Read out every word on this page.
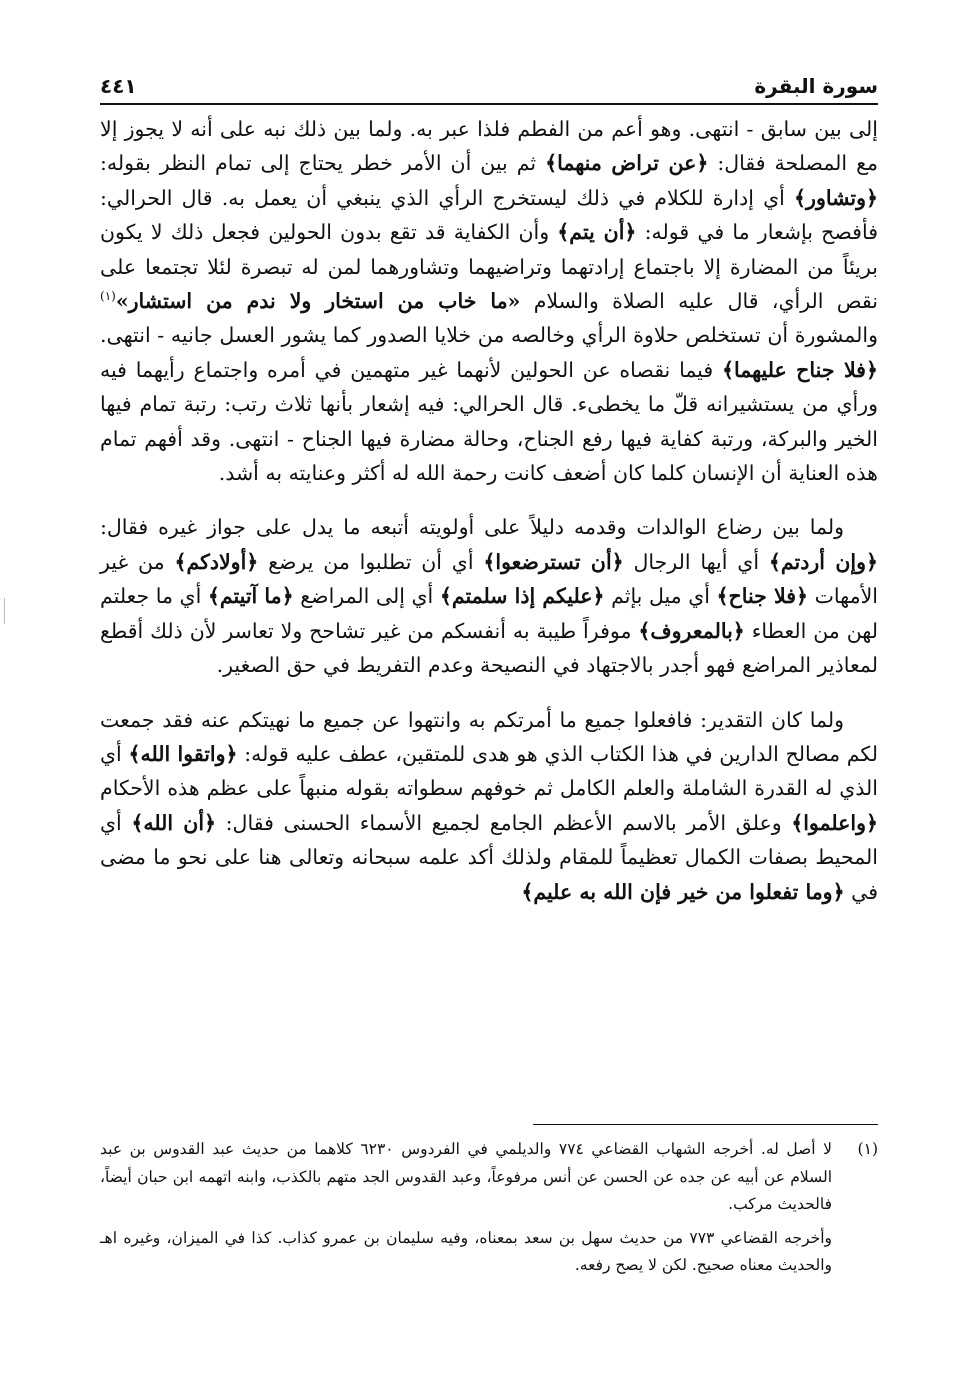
سورة البقرة
٤٤١

إلى بين سابق - انتهى. وهو أعم من الفطم فلذا عبر به. ولما بين ذلك نبه على أنه لا يجوز إلا مع المصلحة فقال: ﴿عن تراض منهما﴾ ثم بين أن الأمر خطر يحتاج إلى تمام النظر بقوله: ﴿وتشاور﴾ أي إدارة للكلام في ذلك ليستخرج الرأي الذي ينبغي أن يعمل به. قال الحرالي: فأفصح بإشعار ما في قوله: ﴿أن يتم﴾ وأن الكفاية قد تقع بدون الحولين فجعل ذلك لا يكون بريئاً من المضارة إلا باجتماع إرادتهما وتراضيهما وتشاورهما لمن له تبصرة لئلا تجتمعا على نقص الرأي، قال عليه الصلاة والسلام «ما خاب من استخار ولا ندم من استشار»$^{(١)}$ والمشورة أن تستخلص حلاوة الرأي وخالصه من خلايا الصدور كما يشور العسل جانيه - انتهى. ﴿فلا جناح عليهما﴾ فيما نقصاه عن الحولين لأنهما غير متهمين في أمره واجتماع رأيهما فيه ورأي من يستشيرانه قلّ ما يخطىء. قال الحرالي: فيه إشعار بأنها ثلاث رتب: رتبة تمام فيها الخير والبركة، ورتبة كفاية فيها رفع الجناح، وحالة مضارة فيها الجناح - انتهى. وقد أفهم تمام هذه العناية أن الإنسان كلما كان أضعف كانت رحمة الله له أكثر وعنايته به أشد.

ولما بين رضاع الوالدات وقدمه دليلاً على أولويته أتبعه ما يدل على جواز غيره فقال: ﴿وإن أردتم﴾ أي أيها الرجال ﴿أن تسترضعوا﴾ أي أن تطلبوا من يرضع ﴿أولادكم﴾ من غير الأمهات ﴿فلا جناح﴾ أي ميل بإثم ﴿عليكم إذا سلمتم﴾ أي إلى المراضع ﴿ما آتيتم﴾ أي ما جعلتم لهن من العطاء ﴿بالمعروف﴾ موفراً طيبة به أنفسكم من غير تشاحح ولا تعاسر لأن ذلك أقطع لمعاذير المراضع فهو أجدر بالاجتهاد في النصيحة وعدم التفريط في حق الصغير.

ولما كان التقدير: فافعلوا جميع ما أمرتكم به وانتهوا عن جميع ما نهيتكم عنه فقد جمعت لكم مصالح الدارين في هذا الكتاب الذي هو هدى للمتقين، عطف عليه قوله: ﴿واتقوا الله﴾ أي الذي له القدرة الشاملة والعلم الكامل ثم خوفهم سطواته بقوله منبهاً على عظم هذه الأحكام ﴿واعلموا﴾ وعلق الأمر بالاسم الأعظم الجامع لجميع الأسماء الحسنى فقال: ﴿أن الله﴾ أي المحيط بصفات الكمال تعظيماً للمقام ولذلك أكد علمه سبحانه وتعالى هنا على نحو ما مضى في ﴿وما تفعلوا من خير فإن الله به عليم﴾

(١)
لا أصل له. أخرجه الشهاب القضاعي ٧٧٤ والديلمي في الفردوس ٦٢٣٠ كلاهما من حديث عبد القدوس بن عبد السلام عن أبيه عن جده عن الحسن عن أنس مرفوعاً، وعبد القدوس الجد متهم بالكذب، وابنه اتهمه ابن حبان أيضاً، فالحديث مركب.

وأخرجه القضاعي ٧٧٣ من حديث سهل بن سعد بمعناه، وفيه سليمان بن عمرو كذاب. كذا في الميزان، وغيره اهـ والحديث معناه صحيح. لكن لا يصح رفعه.
